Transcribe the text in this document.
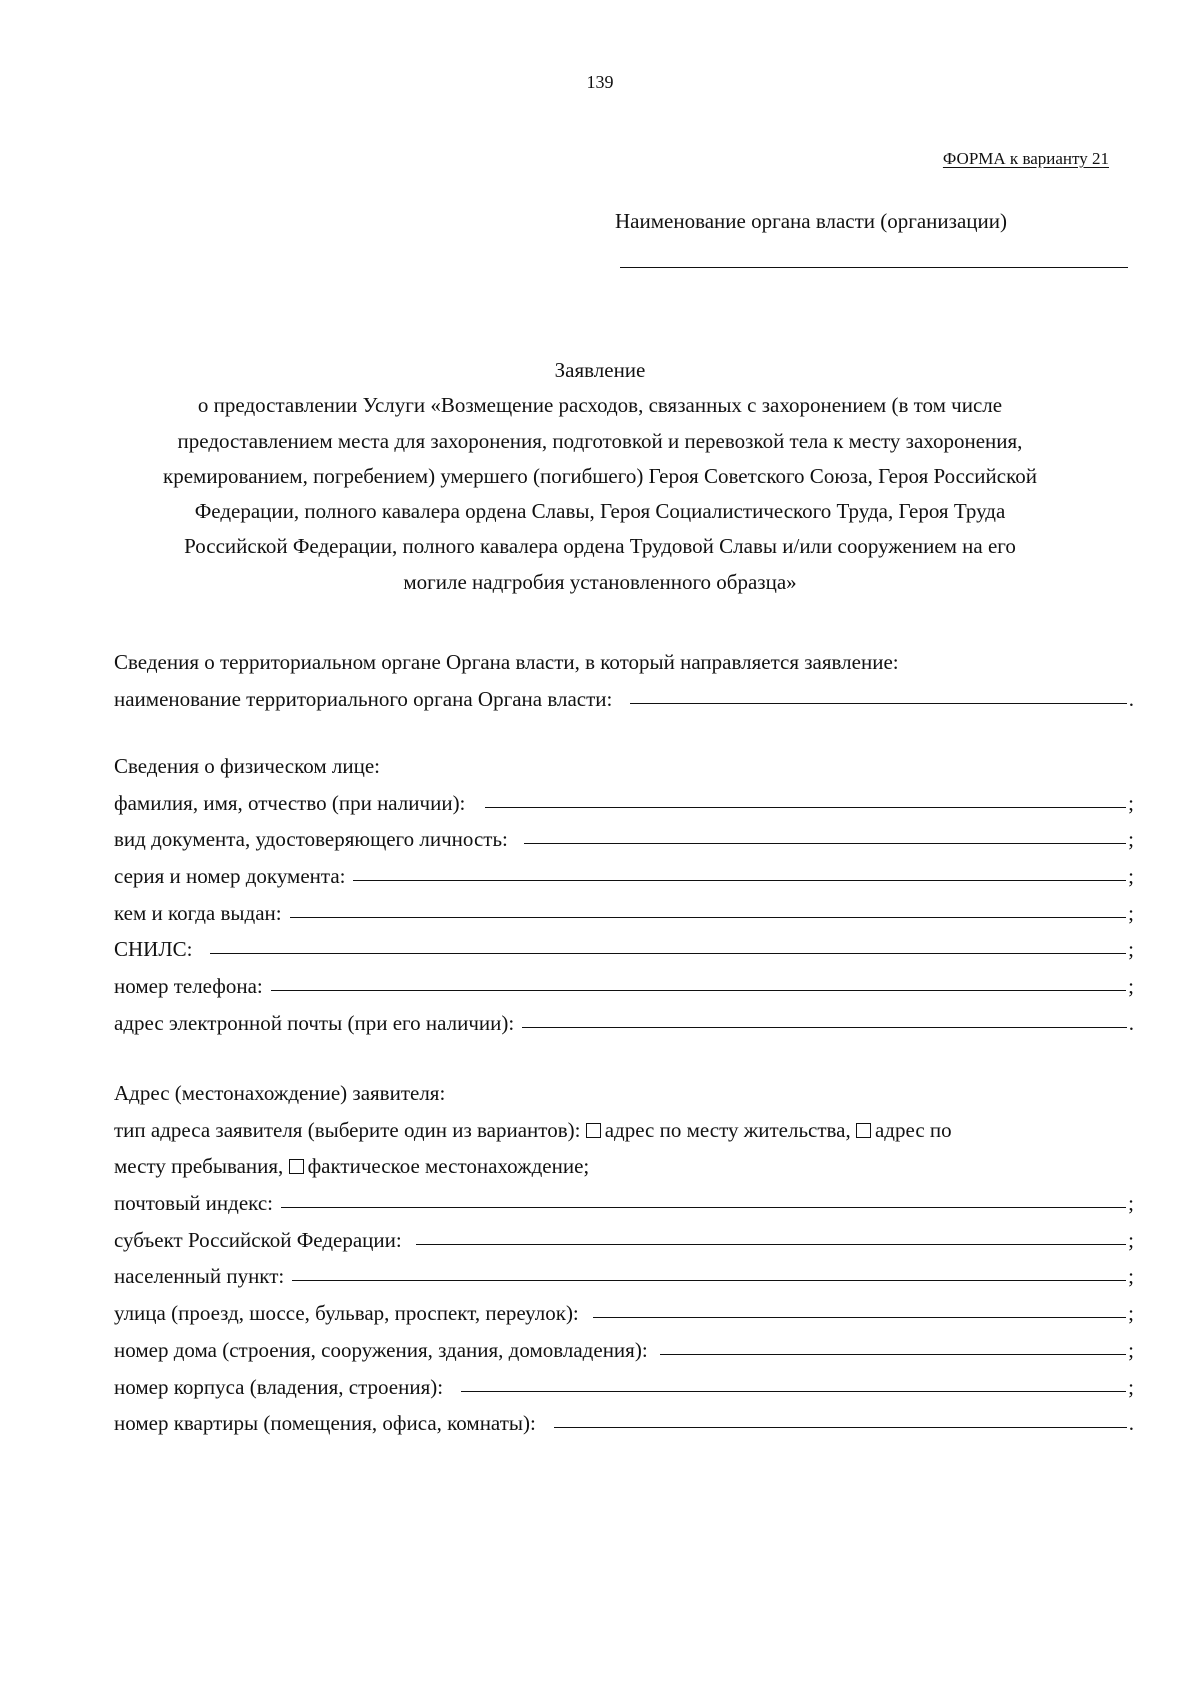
139
ФОРМА к варианту 21
Наименование органа власти (организации)
Заявление
о предоставлении Услуги «Возмещение расходов, связанных с захоронением (в том числе
предоставлением места для захоронения, подготовкой и перевозкой тела к месту захоронения,
кремированием, погребением) умершего (погибшего) Героя Советского Союза, Героя Российской
Федерации, полного кавалера ордена Славы, Героя Социалистического Труда, Героя Труда
Российской Федерации, полного кавалера ордена Трудовой Славы и/или сооружением на его
могиле надгробия установленного образца»
Сведения о территориальном органе Органа власти, в который направляется заявление:
наименование территориального органа Органа власти:	.
Сведения о физическом лице:
фамилия, имя, отчество (при наличии):	;
вид документа, удостоверяющего личность:	;
серия и номер документа:	;
кем и когда выдан:	;
СНИЛС:	;
номер телефона:	;
адрес электронной почты (при его наличии):	.
Адрес (местонахождение) заявителя:
тип адреса заявителя (выберите один из вариантов): адрес по месту жительства, адрес по
месту пребывания, фактическое местонахождение;
почтовый индекс:	;
субъект Российской Федерации:	;
населенный пункт:	;
улица (проезд, шоссе, бульвар, проспект, переулок):	;
номер дома (строения, сооружения, здания, домовладения):	;
номер корпуса (владения, строения):	;
номер квартиры (помещения, офиса, комнаты):	.
